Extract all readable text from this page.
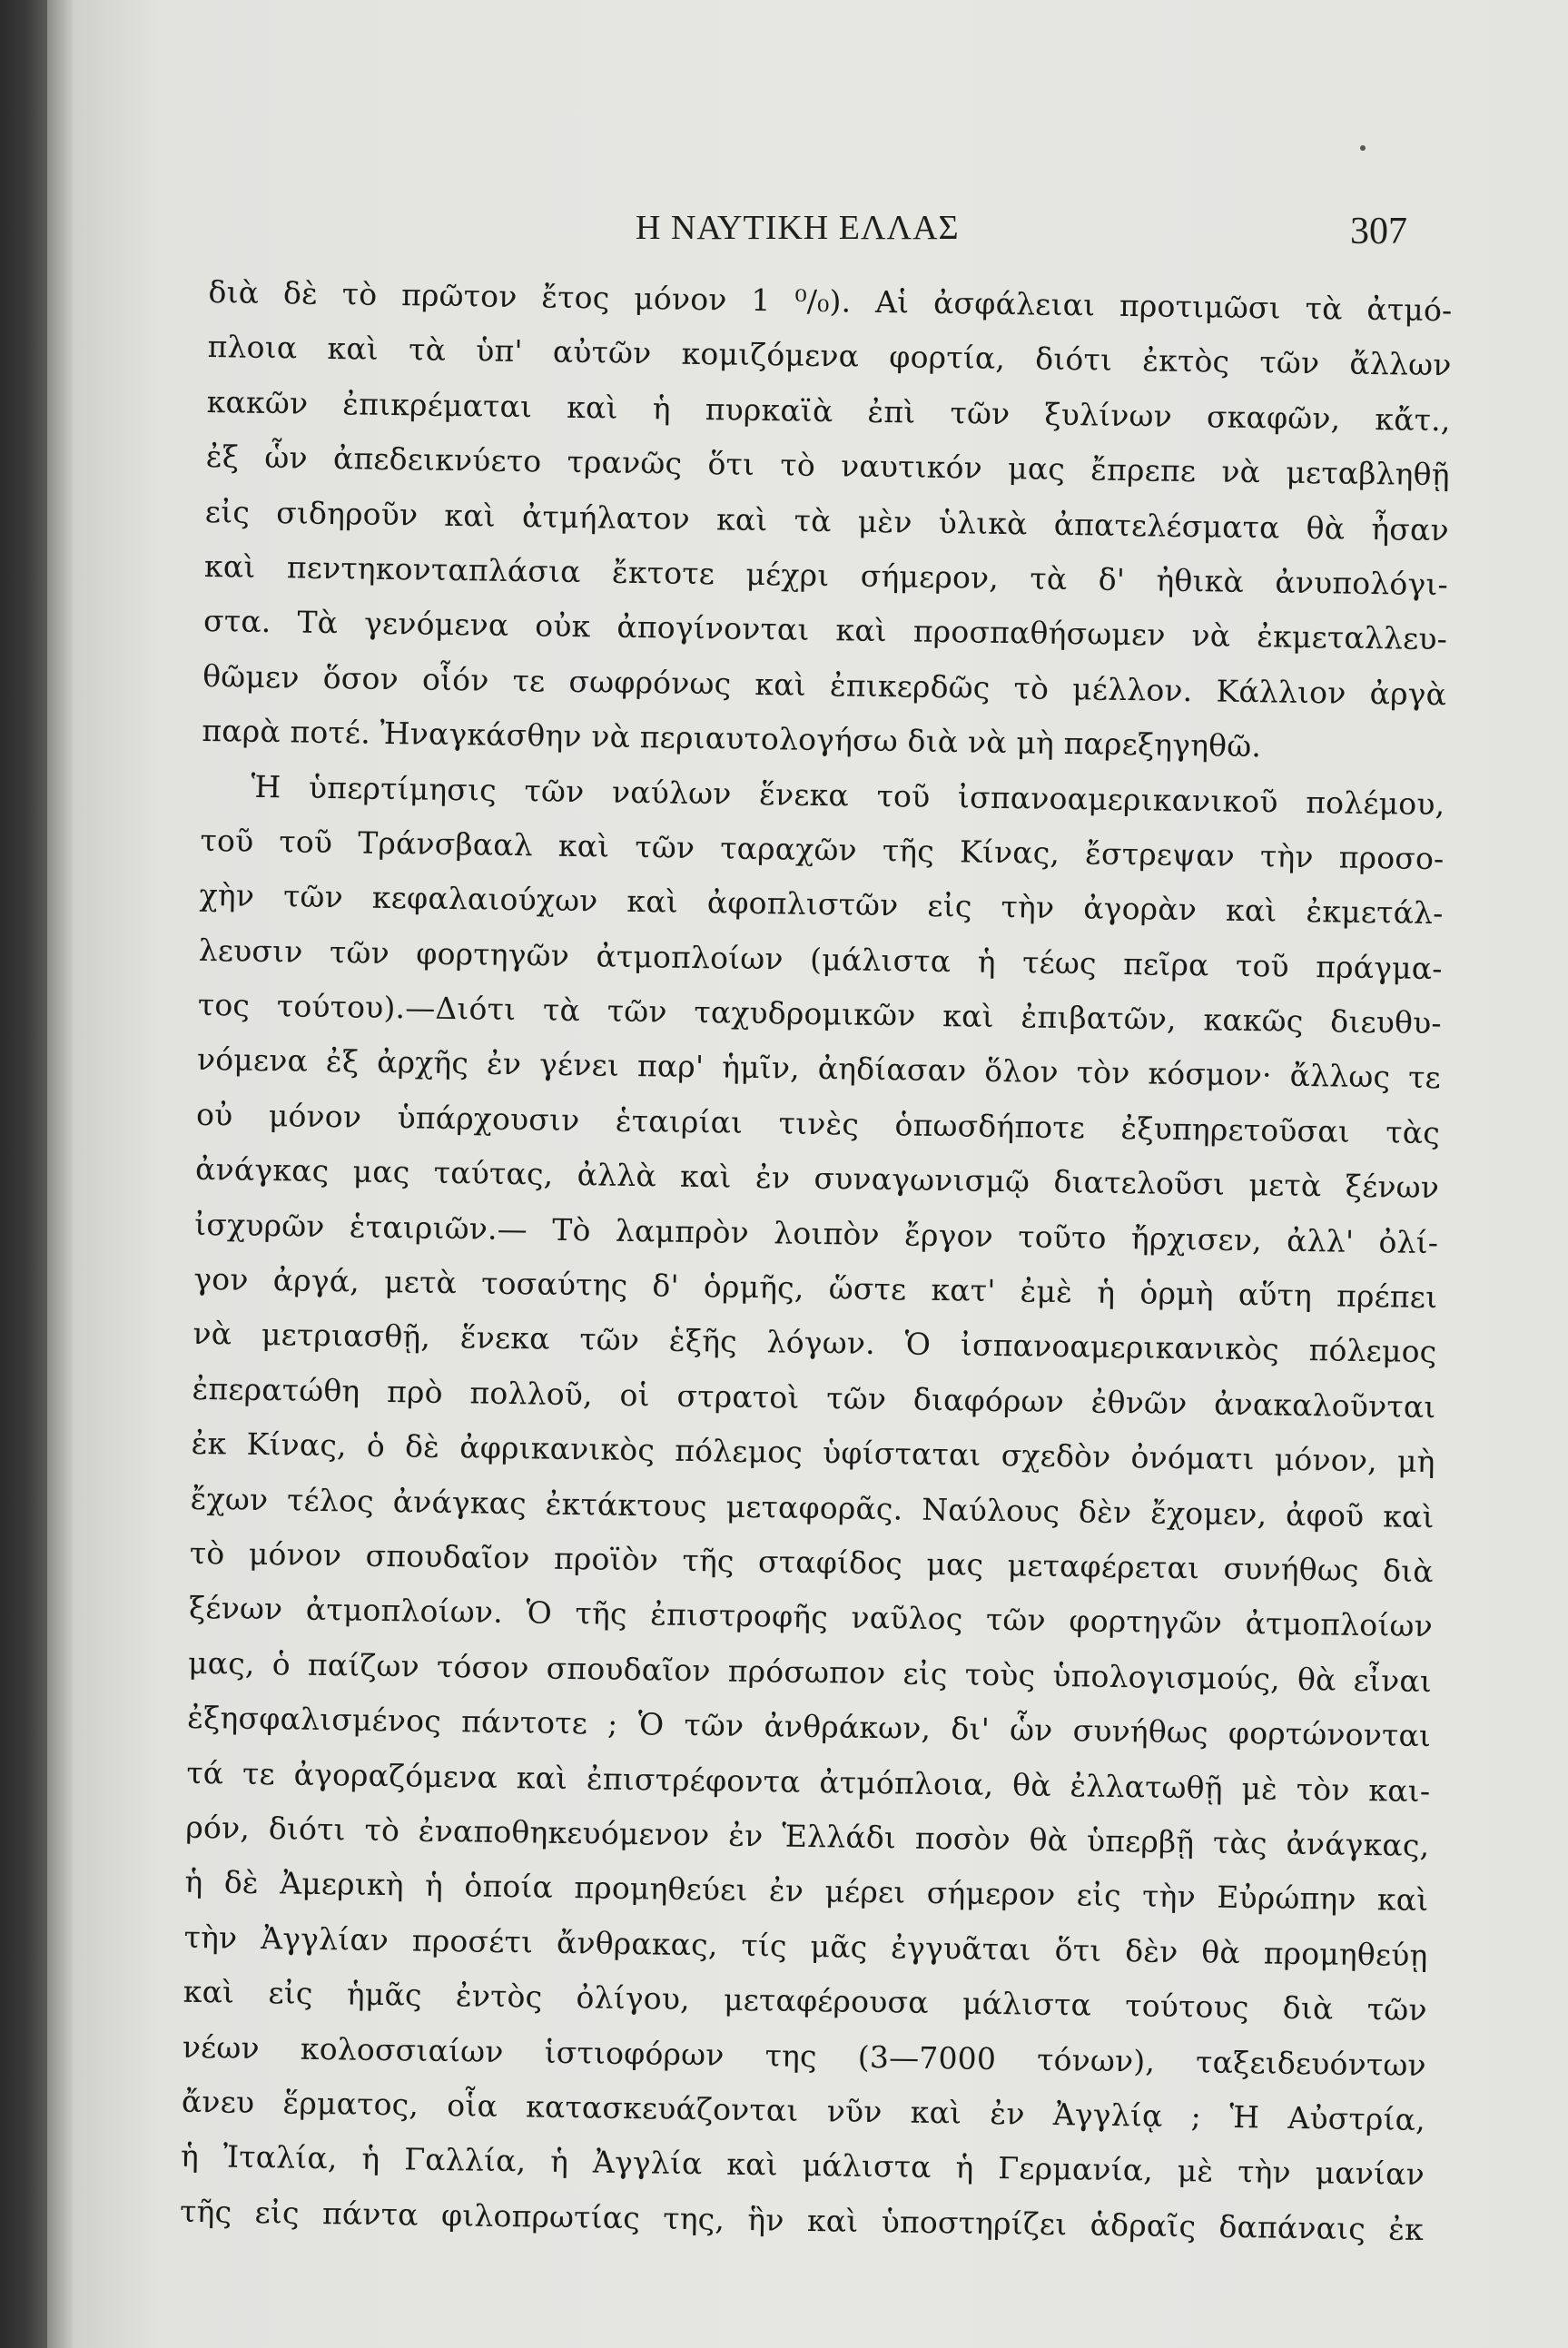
Η ΝΑΥΤΙΚΗ ΕΛΛΑΣ	307
διὰ δὲ τὸ πρῶτον ἔτος μόνον 1 ⁰/₀). Αἱ ἀσφάλειαι προτιμῶσι τὰ ἀτμό-
πλοια καὶ τὰ ὑπ' αὐτῶν κομιζόμενα φορτία, διότι ἐκτὸς τῶν ἄλλων
κακῶν ἐπικρέμαται καὶ ἡ πυρκαϊὰ ἐπὶ τῶν ξυλίνων σκαφῶν, κἄτ.,
ἐξ ὧν ἀπεδεικνύετο τρανῶς ὅτι τὸ ναυτικόν μας ἔπρεπε νὰ μεταβληθῇ
εἰς σιδηροῦν καὶ ἀτμήλατον καὶ τὰ μὲν ὑλικὰ ἀπατελέσματα θὰ ἦσαν
καὶ πεντηκονταπλάσια ἔκτοτε μέχρι σήμερον, τὰ δ' ἠθικὰ ἀνυπολόγι-
στα. Τὰ γενόμενα οὐκ ἀπογίνονται καὶ προσπαθήσωμεν νὰ ἐκμεταλλευ-
θῶμεν ὅσον οἷόν τε σωφρόνως καὶ ἐπικερδῶς τὸ μέλλον. Κάλλιον ἀργὰ
παρὰ ποτέ. Ἠναγκάσθην νὰ περιαυτολογήσω διὰ νὰ μὴ παρεξηγηθῶ.
Ἡ ὑπερτίμησις τῶν ναύλων ἕνεκα τοῦ ἰσπανοαμερικανικοῦ πολέμου,
τοῦ τοῦ Τράνσβααλ καὶ τῶν ταραχῶν τῆς Κίνας, ἔστρεψαν τὴν προσο-
χὴν τῶν κεφαλαιούχων καὶ ἀφοπλιστῶν εἰς τὴν ἀγορὰν καὶ ἐκμετάλ-
λευσιν τῶν φορτηγῶν ἀτμοπλοίων (μάλιστα ἡ τέως πεῖρα τοῦ πράγμα-
τος τούτου).—Διότι τὰ τῶν ταχυδρομικῶν καὶ ἐπιβατῶν, κακῶς διευθυ-
νόμενα ἐξ ἀρχῆς ἐν γένει παρ' ἡμῖν, ἀηδίασαν ὅλον τὸν κόσμον· ἄλλως τε
οὐ μόνον ὑπάρχουσιν ἑταιρίαι τινὲς ὁπωσδήποτε ἐξυπηρετοῦσαι τὰς
ἀνάγκας μας ταύτας, ἀλλὰ καὶ ἐν συναγωνισμῷ διατελοῦσι μετὰ ξένων
ἰσχυρῶν ἑταιριῶν.— Τὸ λαμπρὸν λοιπὸν ἔργον τοῦτο ἤρχισεν, ἀλλ' ὀλί-
γον ἀργά, μετὰ τοσαύτης δ' ὁρμῆς, ὥστε κατ' ἐμὲ ἡ ὁρμὴ αὕτη πρέπει
νὰ μετριασθῇ, ἕνεκα τῶν ἑξῆς λόγων. Ὁ ἰσπανοαμερικανικὸς πόλεμος
ἐπερατώθη πρὸ πολλοῦ, οἱ στρατοὶ τῶν διαφόρων ἐθνῶν ἀνακαλοῦνται
ἐκ Κίνας, ὁ δὲ ἀφρικανικὸς πόλεμος ὑφίσταται σχεδὸν ὀνόματι μόνον, μὴ
ἔχων τέλος ἀνάγκας ἐκτάκτους μεταφορᾶς. Ναύλους δὲν ἔχομεν, ἀφοῦ καὶ
τὸ μόνον σπουδαῖον προϊὸν τῆς σταφίδος μας μεταφέρεται συνήθως διὰ
ξένων ἀτμοπλοίων. Ὁ τῆς ἐπιστροφῆς ναῦλος τῶν φορτηγῶν ἀτμοπλοίων
μας, ὁ παίζων τόσον σπουδαῖον πρόσωπον εἰς τοὺς ὑπολογισμούς, θὰ εἶναι
ἐξησφαλισμένος πάντοτε ; Ὁ τῶν ἀνθράκων, δι' ὧν συνήθως φορτώνονται
τά τε ἀγοραζόμενα καὶ ἐπιστρέφοντα ἀτμόπλοια, θὰ ἐλλατωθῇ μὲ τὸν και-
ρόν, διότι τὸ ἐναποθηκευόμενον ἐν Ἑλλάδι ποσὸν θὰ ὑπερβῇ τὰς ἀνάγκας,
ἡ δὲ Ἀμερικὴ ἡ ὁποία προμηθεύει ἐν μέρει σήμερον εἰς τὴν Εὐρώπην καὶ
τὴν Ἀγγλίαν προσέτι ἄνθρακας, τίς μᾶς ἐγγυᾶται ὅτι δὲν θὰ προμηθεύῃ
καὶ εἰς ἡμᾶς ἐντὸς ὀλίγου, μεταφέρουσα μάλιστα τούτους διὰ τῶν
νέων κολοσσιαίων ἱστιοφόρων της (3—7000 τόνων), ταξειδευόντων
ἄνευ ἕρματος, οἷα κατασκευάζονται νῦν καὶ ἐν Ἀγγλίᾳ ; Ἡ Αὐστρία,
ἡ Ἰταλία, ἡ Γαλλία, ἡ Ἀγγλία καὶ μάλιστα ἡ Γερμανία, μὲ τὴν μανίαν
τῆς εἰς πάντα φιλοπρωτίας της, ἣν καὶ ὑποστηρίζει ἁδραῖς δαπάναις ἐκ
